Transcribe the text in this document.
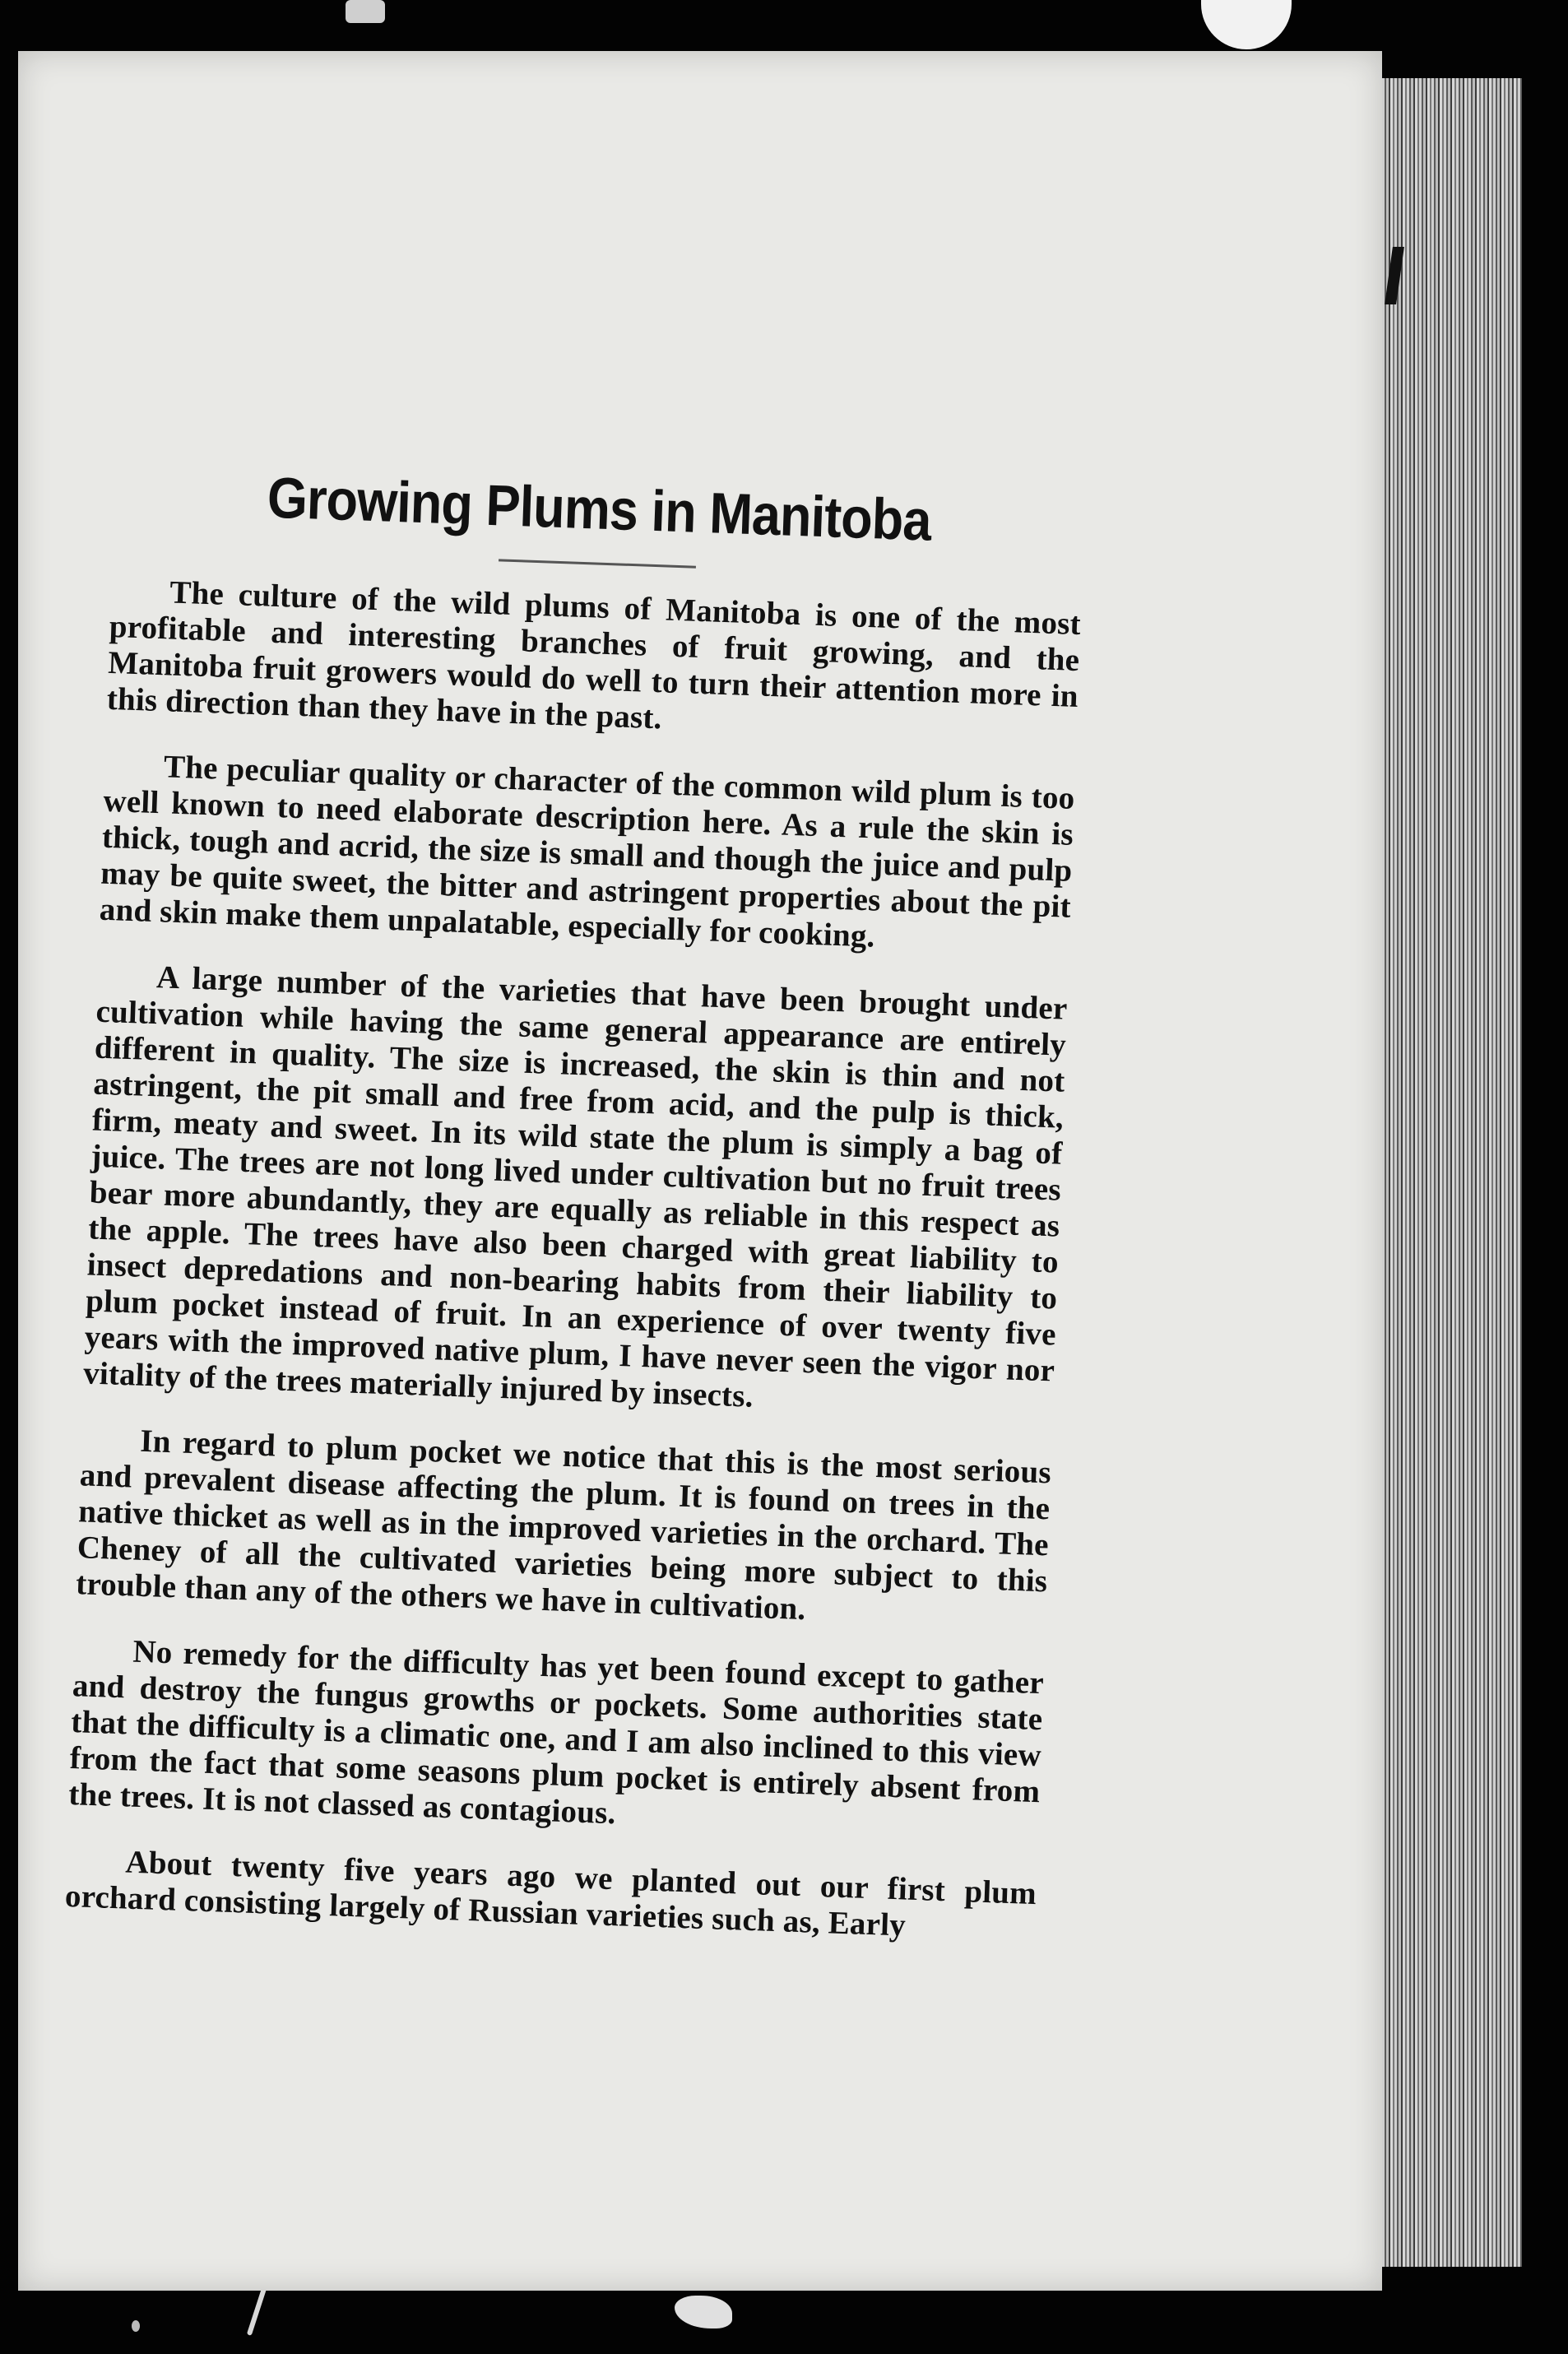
Growing Plums in Manitoba

The culture of the wild plums of Manitoba is one of the most profitable and interesting branches of fruit growing, and the Manitoba fruit growers would do well to turn their attention more in this direction than they have in the past.

The peculiar quality or character of the common wild plum is too well known to need elaborate description here. As a rule the skin is thick, tough and acrid, the size is small and though the juice and pulp may be quite sweet, the bitter and astringent properties about the pit and skin make them unpalatable, especially for cooking.

A large number of the varieties that have been brought under cultivation while having the same general appearance are entirely different in quality. The size is increased, the skin is thin and not astringent, the pit small and free from acid, and the pulp is thick, firm, meaty and sweet. In its wild state the plum is simply a bag of juice. The trees are not long lived under cultivation but no fruit trees bear more abundantly, they are equally as reliable in this respect as the apple. The trees have also been charged with great liability to insect depredations and non-bearing habits from their liability to plum pocket instead of fruit. In an experience of over twenty five years with the improved native plum, I have never seen the vigor nor vitality of the trees materially injured by insects.

In regard to plum pocket we notice that this is the most serious and prevalent disease affecting the plum. It is found on trees in the native thicket as well as in the improved varieties in the orchard. The Cheney of all the cultivated varieties being more subject to this trouble than any of the others we have in cultivation.

No remedy for the difficulty has yet been found except to gather and destroy the fungus growths or pockets. Some authorities state that the difficulty is a climatic one, and I am also inclined to this view from the fact that some seasons plum pocket is entirely absent from the trees. It is not classed as contagious.

About twenty five years ago we planted out our first plum orchard consisting largely of Russian varieties such as, Early
